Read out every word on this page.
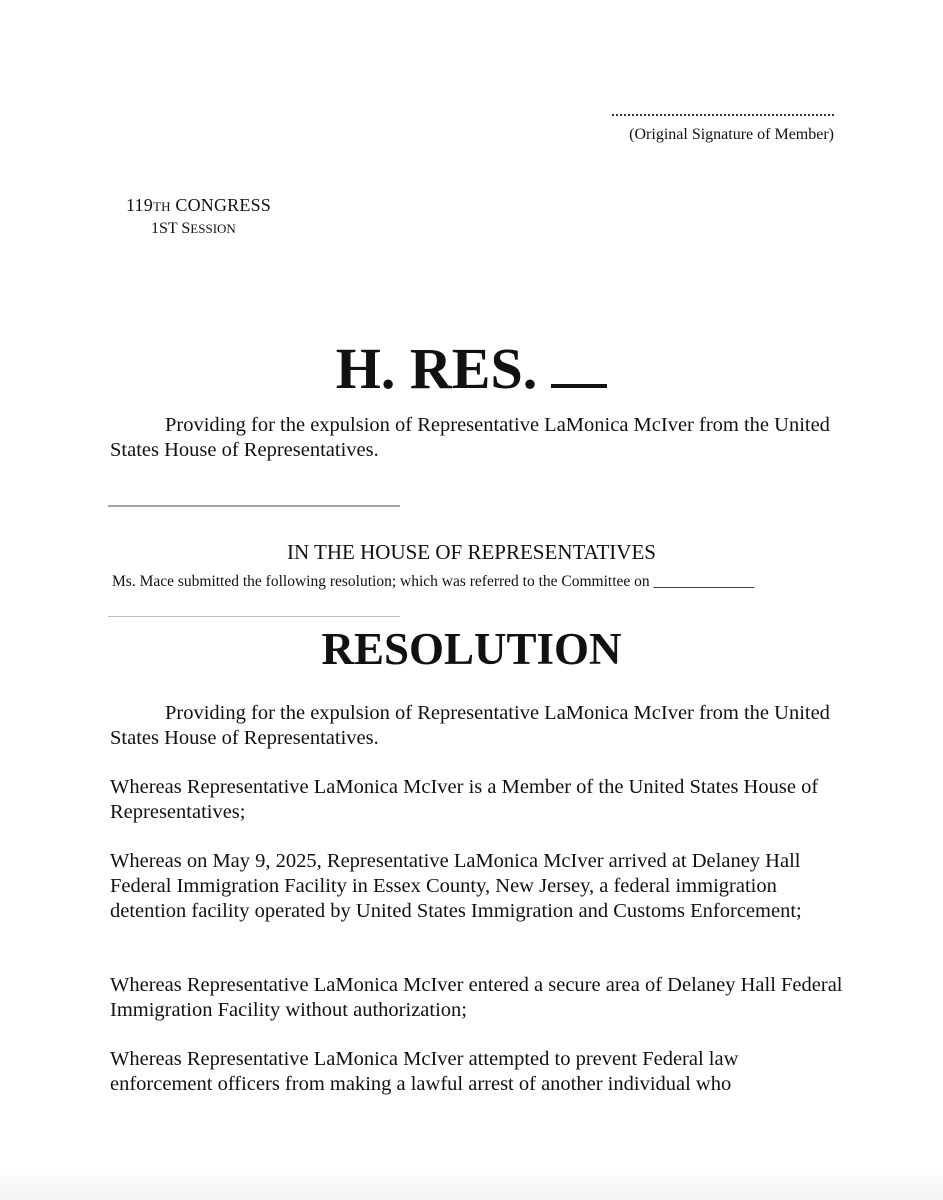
(Original Signature of Member)
119TH CONGRESS
1ST SESSION
H. RES.
Providing for the expulsion of Representative LaMonica McIver from the United States House of Representatives.
IN THE HOUSE OF REPRESENTATIVES
Ms. Mace submitted the following resolution; which was referred to the Committee on _____________
RESOLUTION
Providing for the expulsion of Representative LaMonica McIver from the United States House of Representatives.
Whereas Representative LaMonica McIver is a Member of the United States House of Representatives;
Whereas on May 9, 2025, Representative LaMonica McIver arrived at Delaney Hall Federal Immigration Facility in Essex County, New Jersey, a federal immigration detention facility operated by United States Immigration and Customs Enforcement;
Whereas Representative LaMonica McIver entered a secure area of Delaney Hall Federal Immigration Facility without authorization;
Whereas Representative LaMonica McIver attempted to prevent Federal law enforcement officers from making a lawful arrest of another individual who
